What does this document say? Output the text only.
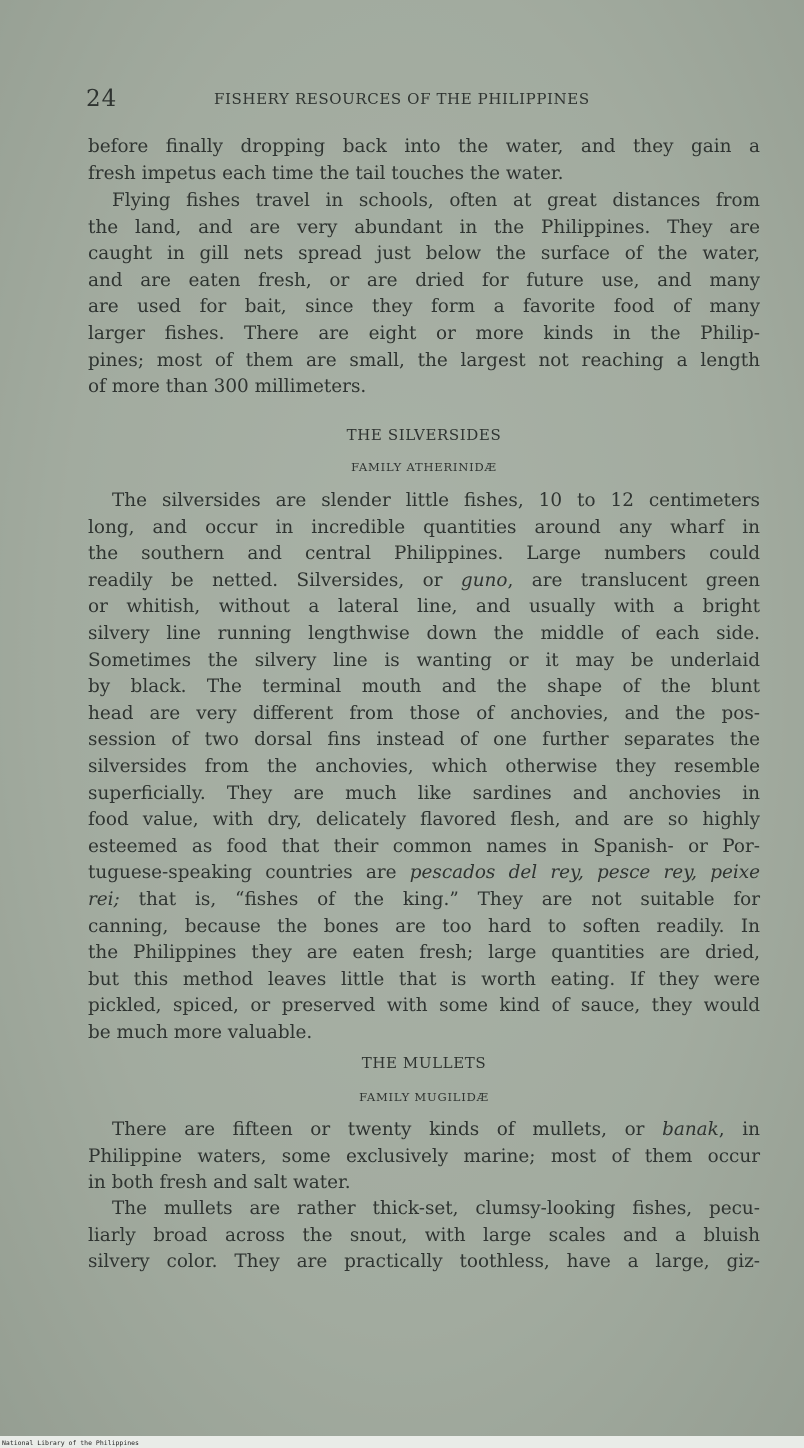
24	FISHERY RESOURCES OF THE PHILIPPINES
before finally dropping back into the water, and they gain a
fresh impetus each time the tail touches the water.
Flying fishes travel in schools, often at great distances from
the land, and are very abundant in the Philippines. They are
caught in gill nets spread just below the surface of the water,
and are eaten fresh, or are dried for future use, and many
are used for bait, since they form a favorite food of many
larger fishes. There are eight or more kinds in the Philip-
pines; most of them are small, the largest not reaching a length
of more than 300 millimeters.
THE SILVERSIDES
FAMILY ATHERINIDÆ
The silversides are slender little fishes, 10 to 12 centimeters
long, and occur in incredible quantities around any wharf in
the southern and central Philippines. Large numbers could
readily be netted. Silversides, or guno, are translucent green
or whitish, without a lateral line, and usually with a bright
silvery line running lengthwise down the middle of each side.
Sometimes the silvery line is wanting or it may be underlaid
by black. The terminal mouth and the shape of the blunt
head are very different from those of anchovies, and the pos-
session of two dorsal fins instead of one further separates the
silversides from the anchovies, which otherwise they resemble
superficially. They are much like sardines and anchovies in
food value, with dry, delicately flavored flesh, and are so highly
esteemed as food that their common names in Spanish- or Por-
tuguese-speaking countries are pescados del rey, pesce rey, peixe
rei; that is, “fishes of the king.” They are not suitable for
canning, because the bones are too hard to soften readily. In
the Philippines they are eaten fresh; large quantities are dried,
but this method leaves little that is worth eating. If they were
pickled, spiced, or preserved with some kind of sauce, they would
be much more valuable.
THE MULLETS
FAMILY MUGILIDÆ
There are fifteen or twenty kinds of mullets, or banak, in
Philippine waters, some exclusively marine; most of them occur
in both fresh and salt water.
The mullets are rather thick-set, clumsy-looking fishes, pecu-
liarly broad across the snout, with large scales and a bluish
silvery color. They are practically toothless, have a large, giz-
National Library of the Philippines
